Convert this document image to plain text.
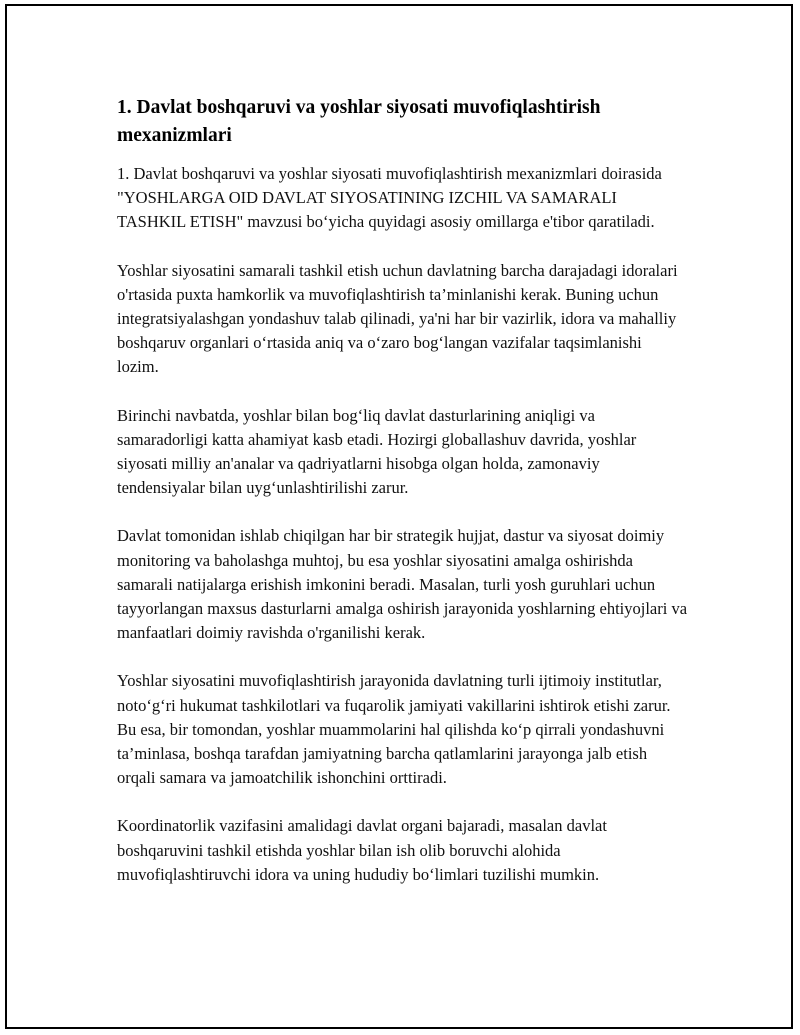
1. Davlat boshqaruvi va yoshlar siyosati muvofiqlashtirish mexanizmlari

1. Davlat boshqaruvi va yoshlar siyosati muvofiqlashtirish mexanizmlari doirasida "YOSHLARGA OID DAVLAT SIYOSATINING IZCHIL VA SAMARALI TASHKIL ETISH" mavzusi bo‘yicha quyidagi asosiy omillarga e'tibor qaratiladi.

Yoshlar siyosatini samarali tashkil etish uchun davlatning barcha darajadagi idoralari o'rtasida puxta hamkorlik va muvofiqlashtirish ta’minlanishi kerak. Buning uchun integratsiyalashgan yondashuv talab qilinadi, ya'ni har bir vazirlik, idora va mahalliy boshqaruv organlari o‘rtasida aniq va o‘zaro bog‘langan vazifalar taqsimlanishi lozim.

Birinchi navbatda, yoshlar bilan bog‘liq davlat dasturlarining aniqligi va samaradorligi katta ahamiyat kasb etadi. Hozirgi globallashuv davrida, yoshlar siyosati milliy an'analar va qadriyatlarni hisobga olgan holda, zamonaviy tendensiyalar bilan uyg‘unlashtirilishi zarur.

Davlat tomonidan ishlab chiqilgan har bir strategik hujjat, dastur va siyosat doimiy monitoring va baholashga muhtoj, bu esa yoshlar siyosatini amalga oshirishda samarali natijalarga erishish imkonini beradi. Masalan, turli yosh guruhlari uchun tayyorlangan maxsus dasturlarni amalga oshirish jarayonida yoshlarning ehtiyojlari va manfaatlari doimiy ravishda o'rganilishi kerak.

Yoshlar siyosatini muvofiqlashtirish jarayonida davlatning turli ijtimoiy institutlar, noto‘g‘ri hukumat tashkilotlari va fuqarolik jamiyati vakillarini ishtirok etishi zarur. Bu esa, bir tomondan, yoshlar muammolarini hal qilishda ko‘p qirrali yondashuvni ta’minlasa, boshqa tarafdan jamiyatning barcha qatlamlarini jarayonga jalb etish orqali samara va jamoatchilik ishonchini orttiradi.

Koordinatorlik vazifasini amalidagi davlat organi bajaradi, masalan davlat boshqaruvini tashkil etishda yoshlar bilan ish olib boruvchi alohida muvofiqlashtiruvchi idora va uning hududiy bo‘limlari tuzilishi mumkin.
